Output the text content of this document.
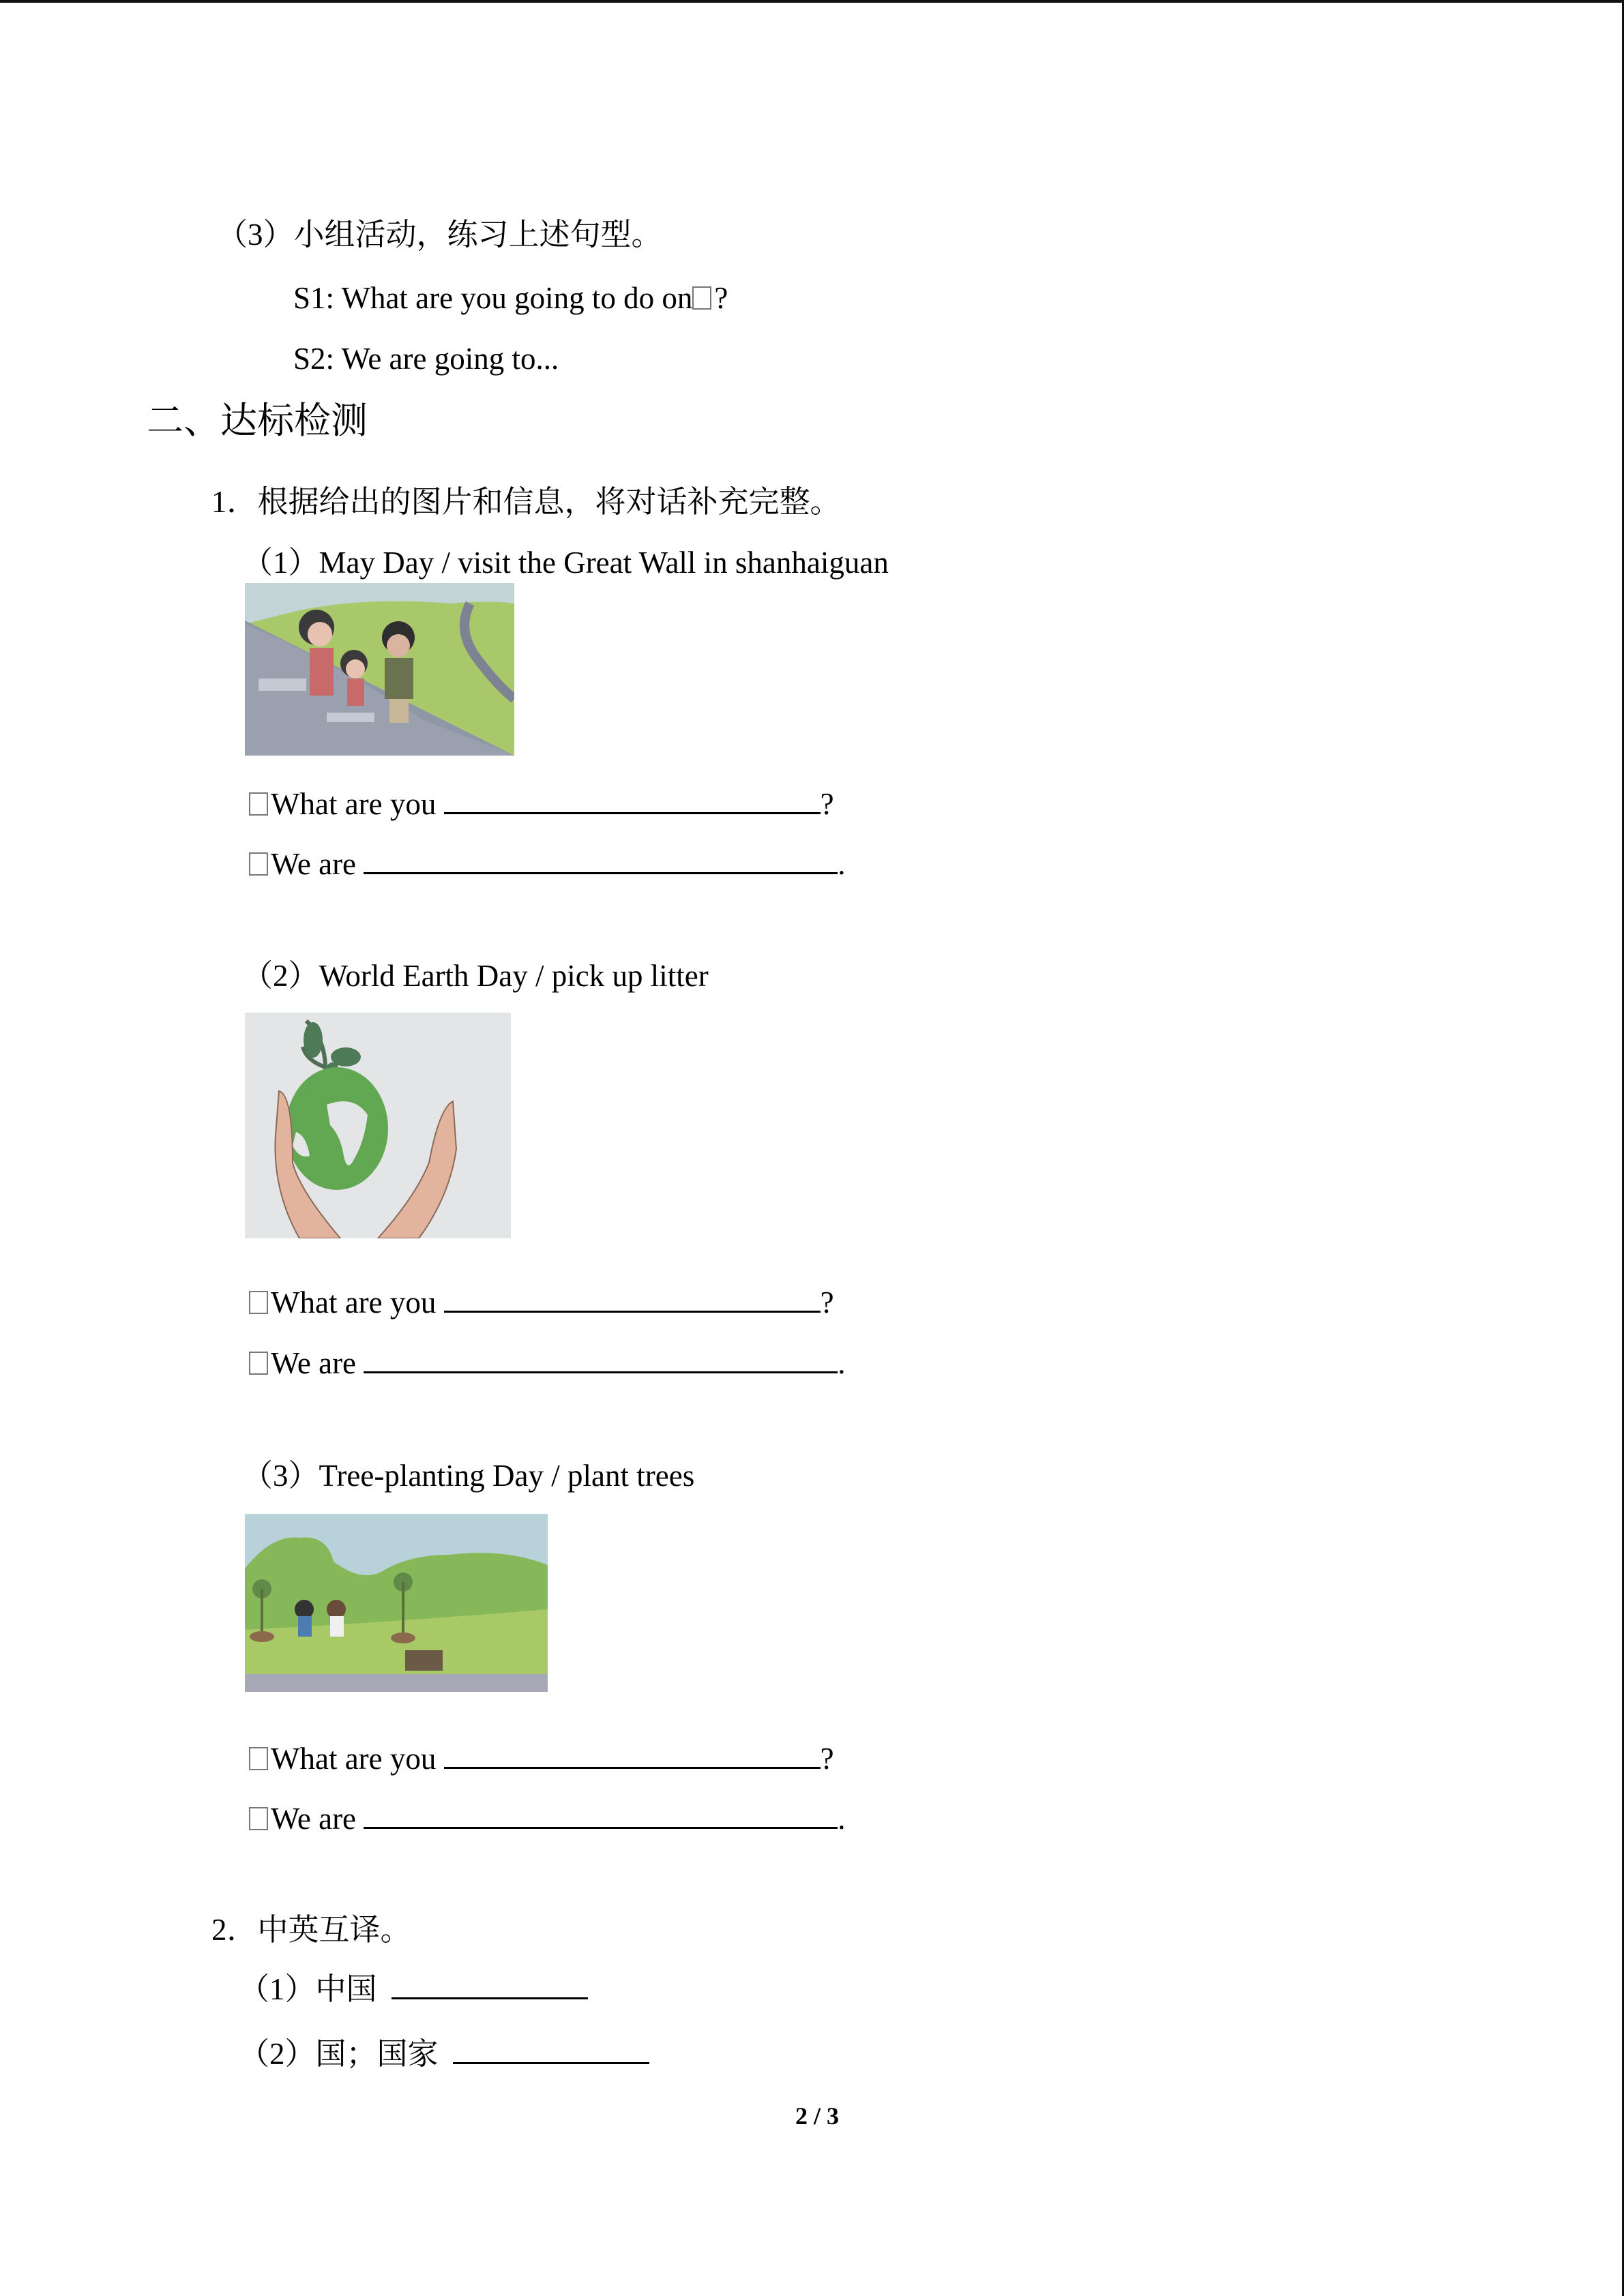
（3）小组活动，练习上述句型。
S1: What are you going to do on ?
S2: We are going to...
二、达标检测
1．根据给出的图片和信息，将对话补充完整。
（1）May Day / visit the Great Wall in shanhaiguan
What are you	?
We are	.
（2）World Earth Day / pick up litter
What are you	?
We are	.
（3）Tree-planting Day / plant trees
What are you	?
We are	.
2．中英互译。
（1）中国
（2）国；国家
2 / 3
